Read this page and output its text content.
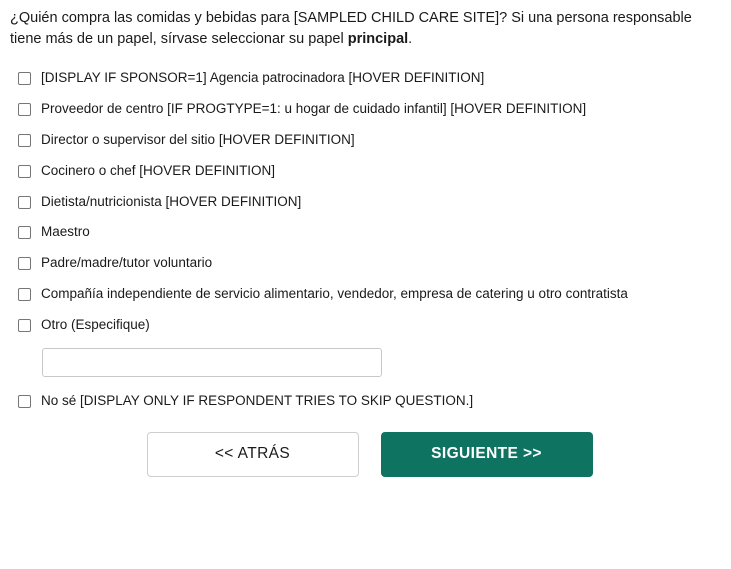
¿Quién compra las comidas y bebidas para [SAMPLED CHILD CARE SITE]? Si una persona responsable tiene más de un papel, sírvase seleccionar su papel principal.
[DISPLAY IF SPONSOR=1] Agencia patrocinadora [HOVER DEFINITION]
Proveedor de centro [IF PROGTYPE=1: u hogar de cuidado infantil] [HOVER DEFINITION]
Director o supervisor del sitio [HOVER DEFINITION]
Cocinero o chef [HOVER DEFINITION]
Dietista/nutricionista [HOVER DEFINITION]
Maestro
Padre/madre/tutor voluntario
Compañía independiente de servicio alimentario, vendedor, empresa de catering u otro contratista
Otro (Especifique)
No sé [DISPLAY ONLY IF RESPONDENT TRIES TO SKIP QUESTION.]
<< ATRÁS	SIGUIENTE >>
